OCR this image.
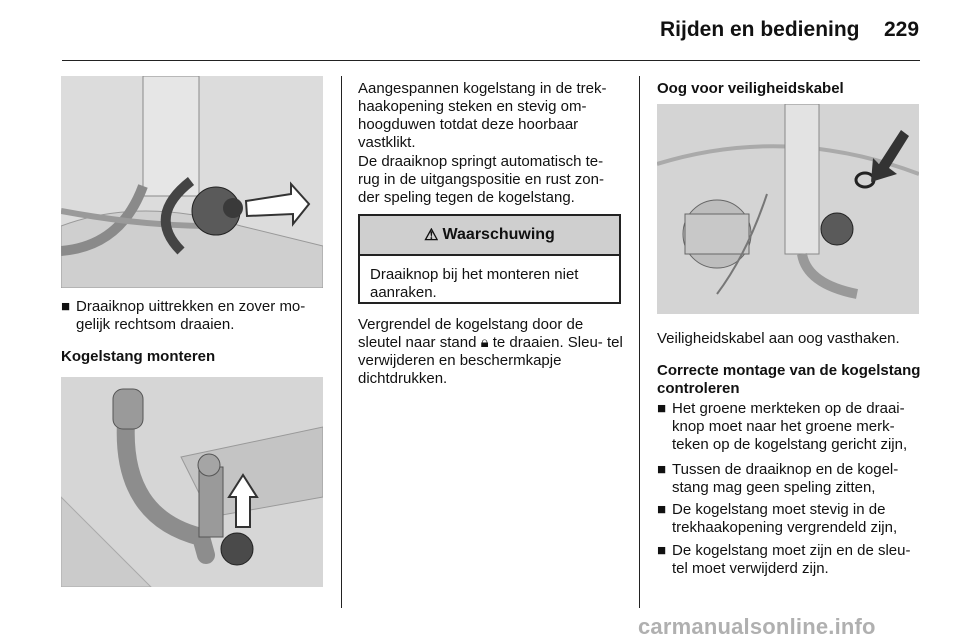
Rijden en bediening 229
■ Draaiknop uittrekken en zover mo- gelijk rechtsom draaien.
Kogelstang monteren

Aangespannen kogelstang in de trek- haakopening steken en stevig om- hoogduwen totdat deze hoorbaar vastklikt.

De draaiknop springt automatisch te- rug in de uitgangspositie en rust zon- der speling tegen de kogelstang.

⚠ Waarschuwing
Draaiknop bij het monteren niet aanraken.

Vergrendel de kogelstang door de sleutel naar stand 🔒︎ te draaien. Sleu- tel verwijderen en beschermkapje dichtdrukken.

Oog voor veiligheidskabel
Veiligheidskabel aan oog vasthaken.
Correcte montage van de kogelstang controleren
■ Het groene merkteken op de draai- knop moet naar het groene merk- teken op de kogelstang gericht zijn,
■ Tussen de draaiknop en de kogel- stang mag geen speling zitten,
■ De kogelstang moet stevig in de trekhaakopening vergrendeld zijn,
■ De kogelstang moet zijn en de sleu- tel moet verwijderd zijn.
carmanualsonline.info
